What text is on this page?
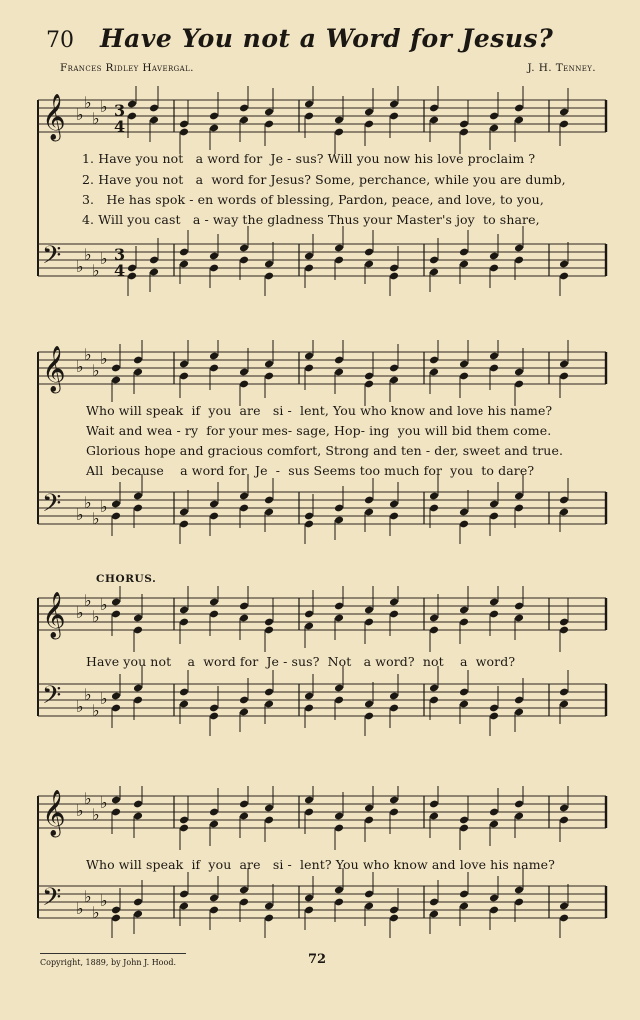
70 Have You not a Word for Jesus?
Frances Ridley Havergal.	J. H. Tenney.
𝄞 ♭
♭
♭
♭ 3
4
𝄢 ♭
♭
♭
♭ 3
4
1. Have you not   a word for  Je - sus? Will you now his love proclaim ?
2. Have you not   a  word for Jesus? Some, perchance, while you are dumb,
3.   He has spok - en words of blessing, Pardon, peace, and love, to you,
4. Will you cast   a - way the gladness Thus your Master's joy  to share,
𝄞 ♭
♭
♭
♭
𝄢 ♭
♭
♭
♭
Who will speak  if  you  are   si -  lent, You who know and love his name?
Wait and wea - ry  for your mes- sage, Hop- ing  you will bid them come.
Glorious hope and gracious comfort, Strong and ten - der, sweet and true.
All  because    a word for  Je  -  sus Seems too much for  you  to dare?
CHORUS.
𝄞 ♭
♭
♭
♭
𝄢 ♭
♭
♭
♭
Have you not    a  word for  Je - sus?  Not   a word?  not    a  word?
𝄞 ♭
♭
♭
♭
𝄢 ♭
♭
♭
♭
Who will speak  if  you  are   si -  lent? You who know and love his name?
Copyright, 1889, by John J. Hood.	72
